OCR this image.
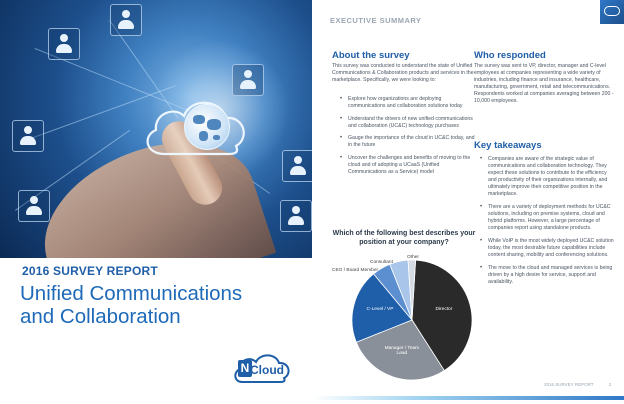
2016 SURVEY REPORT
Unified Communications
and Collaboration
N Cloud
EXECUTIVE SUMMARY
About the survey
This survey was conducted to understand the state of Unified Communications & Collaboration products and services in the marketplace. Specifically, we were looking to:
• Explore how organizations are deploying communications and collaboration solutions today
• Understand the drivers of new unified communications and collaboration (UC&C) technology purchases
• Gauge the importance of the cloud in UC&C today, and in the future
• Uncover the challenges and benefits of moving to the cloud and of adopting a UCaaS (Unified Communications as a Service) model
Who responded
The survey was sent to VP, director, manager and C-level employees at companies representing a wide variety of industries, including finance and insurance, healthcare, manufacturing, government, retail and telecommunications. Respondents worked at companies averaging between 200 - 10,000 employees.
Key takeaways
• Companies are aware of the strategic value of communications and collaboration technology. They expect these solutions to contribute to the efficiency and productivity of their organizations internally, and ultimately improve their competitive position in the marketplace.
• There are a variety of deployment methods for UC&C solutions, including on premise systems, cloud and hybrid platforms. However, a large percentage of companies report using standalone products.
• While VoIP is the most widely deployed UC&C solution today, the most desirable future capabilities include content sharing, mobility and conferencing solutions.
• The move to the cloud and managed services is being driven by a high desire for service, support and availability.
Which of the following best describes your position at your company?
Director
Manager / Team Lead
C-Level / VP
CEO / Board Member
Consultant
Other
2016 SURVEY REPORT	2
